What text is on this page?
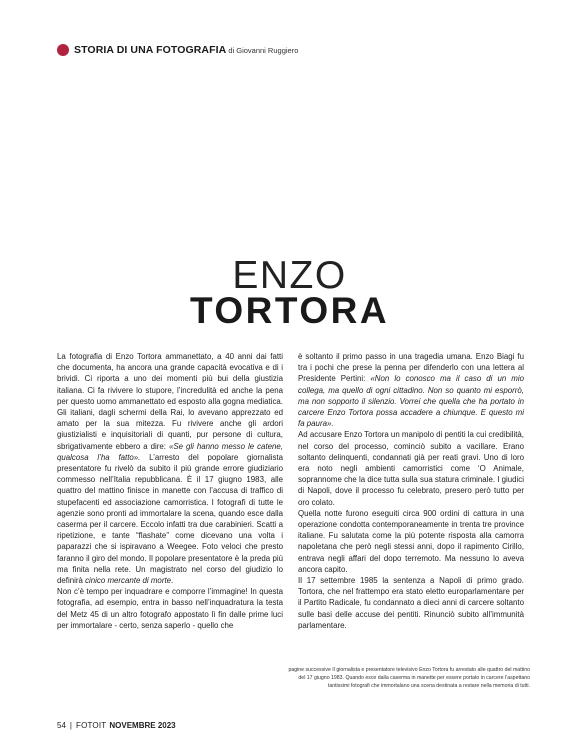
STORIA DI UNA FOTOGRAFIA di Giovanni Ruggiero
ENZO
TORTORA

La fotografia di Enzo Tortora ammanettato, a 40 anni dai fatti che documenta, ha ancora una grande capacità evocativa e di i brividi. Ci riporta a uno dei momenti più bui della giustizia italiana. Ci fa rivivere lo stupore, l’incredulità ed anche la pena per questo uomo ammanettato ed esposto alla gogna mediatica. Gli italiani, dagli schermi della Rai, lo avevano apprezzato ed amato per la sua mitezza. Fu rivivere anche gli ardori giustizialisti e inquisitoriali di quanti, pur persone di cultura, sbrigativamente ebbero a dire: «Se gli hanno messo le catene, qualcosa l’ha fatto». L’arresto del popolare giornalista presentatore fu rivelò da subito il più grande errore giudiziario commesso nell’Italia repubblicana. È il 17 giugno 1983, alle quattro del mattino finisce in manette con l’accusa di traffico di stupefacenti ed associazione camorristica. I fotografi di tutte le agenzie sono pronti ad immortalare la scena, quando esce dalla caserma per il carcere. Eccolo infatti tra due carabinieri. Scatti a ripetizione, e tante “flashate” come dicevano una volta i paparazzi che si ispiravano a Weegee. Foto veloci che presto faranno il giro del mondo. Il popolare presentatore è la preda più ma finita nella rete. Un magistrato nel corso del giudizio lo definirà cinico mercante di morte.

Non c’è tempo per inquadrare e comporre l’immagine! In questa fotografia, ad esempio, entra in basso nell’inquadratura la testa del Metz 45 di un altro fotografo appostato lì fin dalle prime luci per immortalare - certo, senza saperlo - quello che

è soltanto il primo passo in una tragedia umana. Enzo Biagi fu tra i pochi che prese la penna per difenderlo con una lettera al Presidente Pertini: «Non lo conosco ma il caso di un mio collega, ma quello di ogni cittadino. Non so quanto mi esporrò, ma non sopporto il silenzio. Vorrei che quella che ha portato in carcere Enzo Tortora possa accadere a chiunque. E questo mi fa paura».

Ad accusare Enzo Tortora un manipolo di pentiti la cui credibilità, nel corso del processo, cominciò subito a vacillare. Erano soltanto delinquenti, condannati già per reati gravi. Uno di loro era noto negli ambienti camorristici come ‘O Animale, soprannome che la dice tutta sulla sua statura criminale. I giudici di Napoli, dove il processo fu celebrato, presero però tutto per oro colato.

Quella notte furono eseguiti circa 900 ordini di cattura in una operazione condotta contemporaneamente in trenta tre province italiane. Fu salutata come la più potente risposta alla camorra napoletana che però negli stessi anni, dopo il rapimento Cirillo, entrava negli affari del dopo terremoto. Ma nessuno lo aveva ancora capito.

Il 17 settembre 1985 la sentenza a Napoli di primo grado. Tortora, che nel frattempo era stato eletto europarlamentare per il Partito Radicale, fu condannato a dieci anni di carcere soltanto sulle basi delle accuse dei pentiti. Rinunciò subito all’immunità parlamentare.

pagine successive Il giornalista e presentatore televisivo Enzo Tortora fu arrestato alle quattro del mattino del 17 giugno 1983. Quando esce dalla caserma in manette per essere portato in carcere l’aspettano tantissimi fotografi che immortalano una scena destinata a restare nella memoria di tutti.
54 | FOTOIT NOVEMBRE 2023
